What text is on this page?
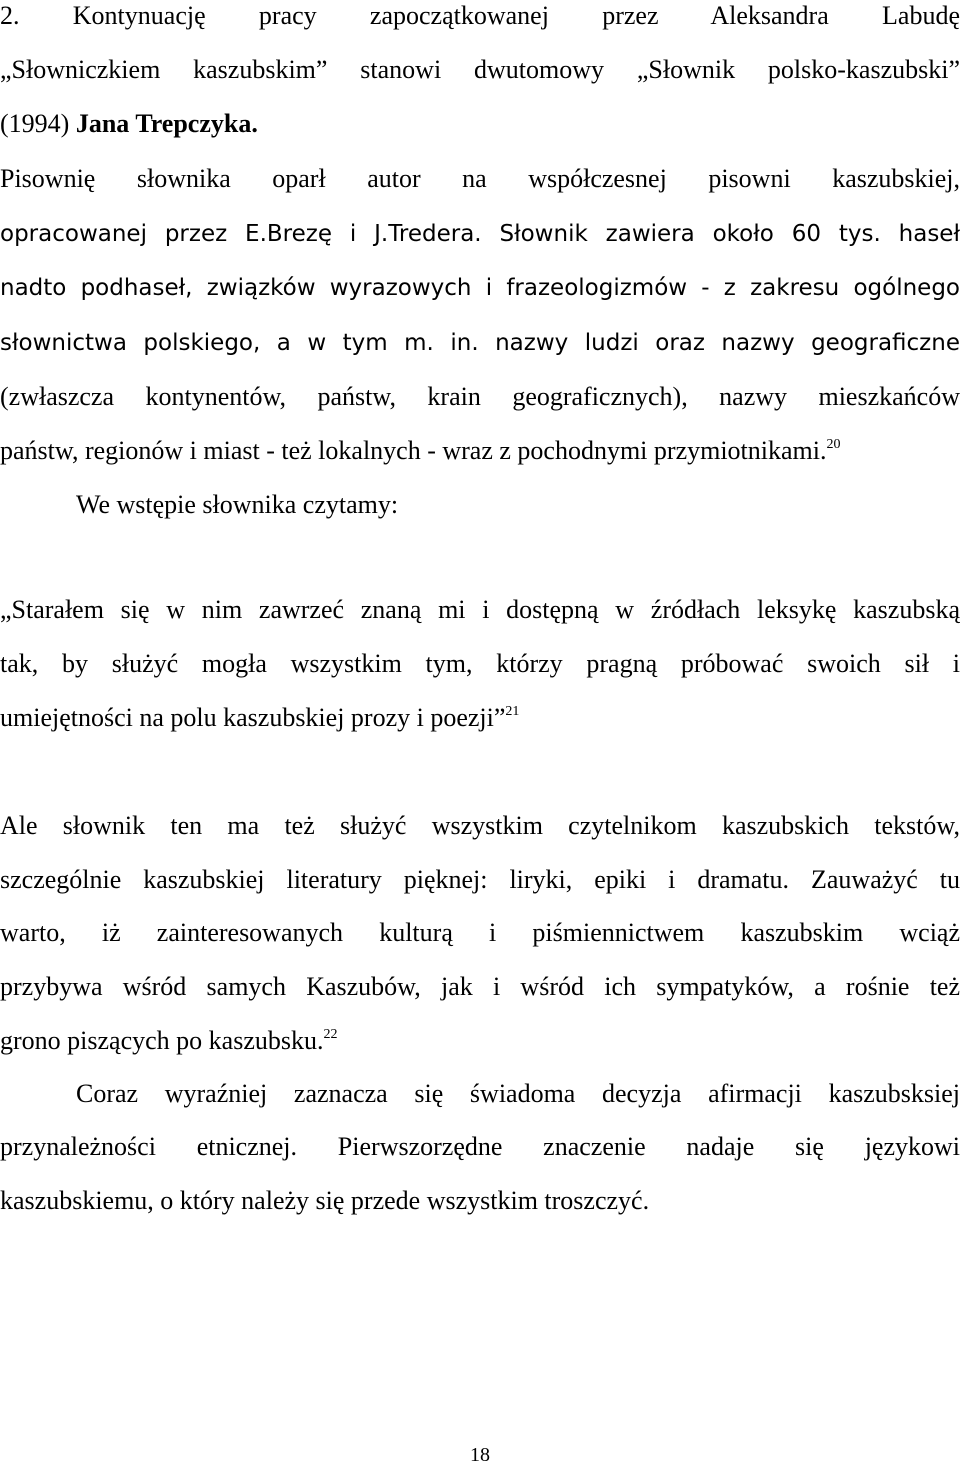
2. Kontynuację pracy zapoczątkowanej przez Aleksandra Labudę
„Słowniczkiem kaszubskim” stanowi dwutomowy „Słownik polsko-kaszubski”
(1994) Jana Trepczyka.
Pisownię słownika oparł autor na współczesnej pisowni kaszubskiej,
opracowanej przez E.Brezę i J.Tredera. Słownik zawiera około 60 tys. haseł
nadto podhaseł, związków wyrazowych i frazeologizmów - z zakresu ogólnego
słownictwa polskiego, a w tym m. in. nazwy ludzi oraz nazwy geograficzne
(zwłaszcza kontynentów, państw, krain geograficznych), nazwy mieszkańców
państw, regionów i miast - też lokalnych - wraz z pochodnymi przymiotnikami.$^{20}$
We wstępie słownika czytamy:
„Starałem się w nim zawrzeć znaną mi i dostępną w źródłach leksykę kaszubską
tak, by służyć mogła wszystkim tym, którzy pragną próbować swoich sił i
umiejętności na polu kaszubskiej prozy i poezji”$^{21}$
Ale słownik ten ma też służyć wszystkim czytelnikom kaszubskich tekstów,
szczególnie kaszubskiej literatury pięknej: liryki, epiki i dramatu. Zauważyć tu
warto, iż zainteresowanych kulturą i piśmiennictwem kaszubskim wciąż
przybywa wśród samych Kaszubów, jak i wśród ich sympatyków, a rośnie też
grono piszących po kaszubsku.$^{22}$
Coraz wyraźniej zaznacza się świadoma decyzja afirmacji kaszubsksiej
przynależności etnicznej. Pierwszorzędne znaczenie nadaje się językowi
kaszubskiemu, o który należy się przede wszystkim troszczyć.
18
